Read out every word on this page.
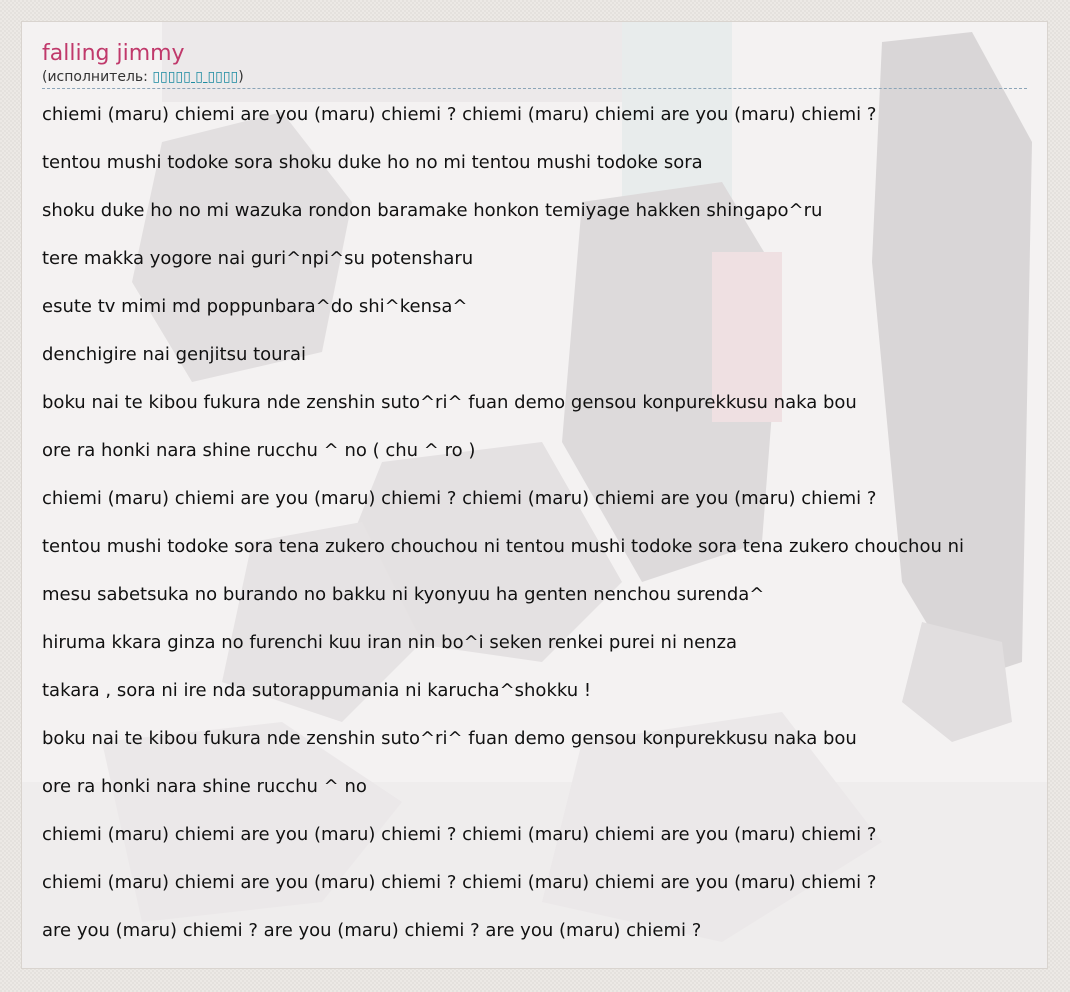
falling jimmy
(исполнитель: ▯▯▯▯▯ ▯ ▯▯▯▯)
chiemi (maru) chiemi are you (maru) chiemi ? chiemi (maru) chiemi are you (maru) chiemi ?
tentou mushi todoke sora shoku duke ho no mi tentou mushi todoke sora
shoku duke ho no mi wazuka rondon baramake honkon temiyage hakken shingapo^ru
tere makka yogore nai guri^npi^su potensharu
esute tv mimi md poppunbara^do shi^kensa^
denchigire nai genjitsu tourai
boku nai te kibou fukura nde zenshin suto^ri^ fuan demo gensou konpurekkusu naka bou
ore ra honki nara shine rucchu ^ no ( chu ^ ro )
chiemi (maru) chiemi are you (maru) chiemi ? chiemi (maru) chiemi are you (maru) chiemi ?
tentou mushi todoke sora tena zukero chouchou ni tentou mushi todoke sora tena zukero chouchou ni
mesu sabetsuka no burando no bakku ni kyonyuu ha genten nenchou surenda^
hiruma kkara ginza no furenchi kuu iran nin bo^i seken renkei purei ni nenza
takara , sora ni ire nda sutorappumania ni karucha^shokku !
boku nai te kibou fukura nde zenshin suto^ri^ fuan demo gensou konpurekkusu naka bou
ore ra honki nara shine rucchu ^ no
chiemi (maru) chiemi are you (maru) chiemi ? chiemi (maru) chiemi are you (maru) chiemi ?
chiemi (maru) chiemi are you (maru) chiemi ? chiemi (maru) chiemi are you (maru) chiemi ?
are you (maru) chiemi ? are you (maru) chiemi ? are you (maru) chiemi ?
